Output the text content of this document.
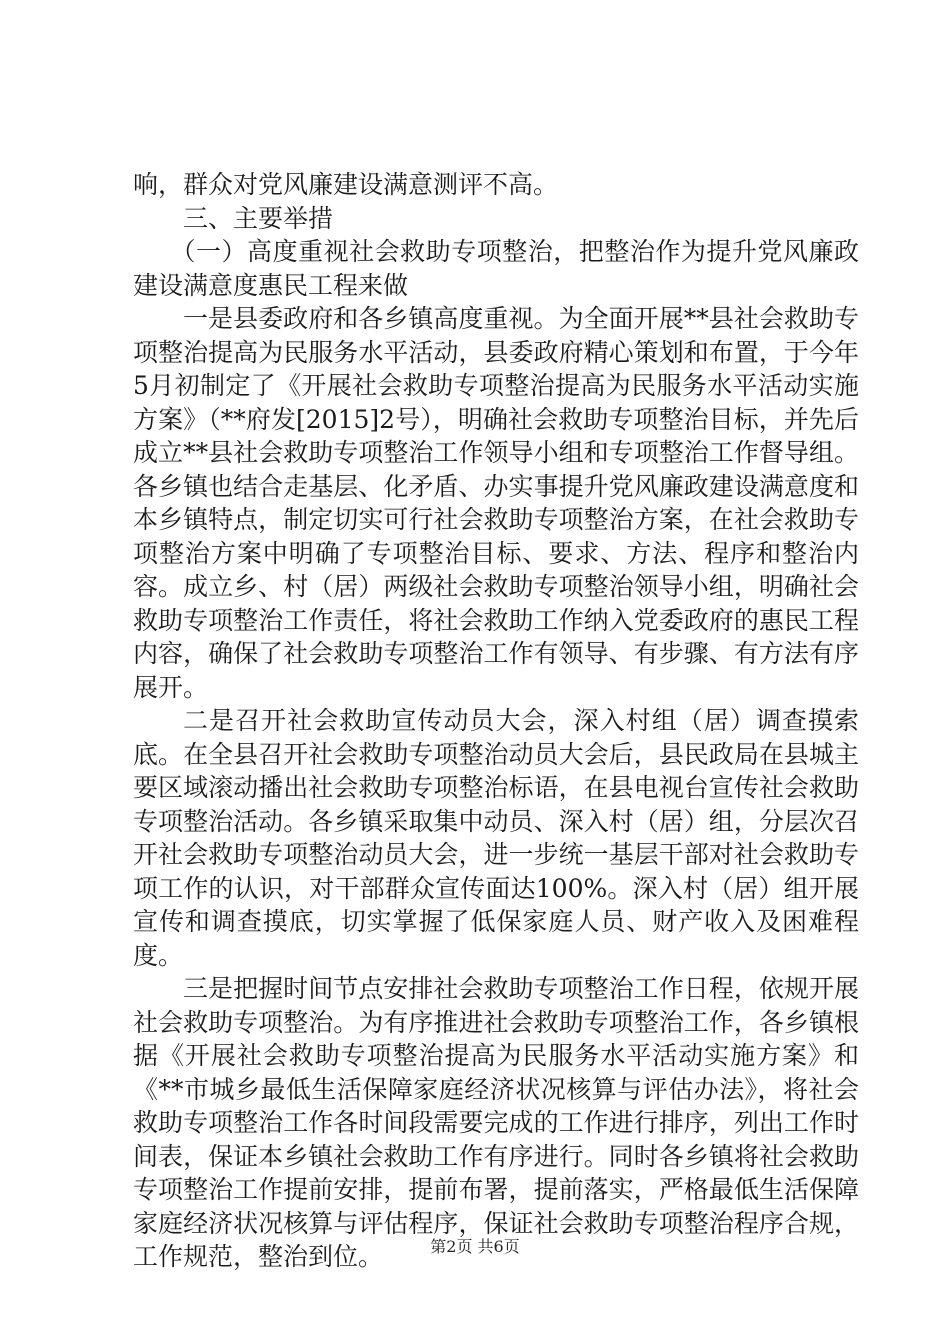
响，群众对党风廉建设满意测评不高。

三、主要举措

（一）高度重视社会救助专项整治，把整治作为提升党风廉政建设满意度惠民工程来做

一是县委政府和各乡镇高度重视。为全面开展**县社会救助专项整治提高为民服务水平活动，县委政府精心策划和布置，于今年5月初制定了《开展社会救助专项整治提高为民服务水平活动实施方案》（**府发[2015]2号），明确社会救助专项整治目标，并先后成立**县社会救助专项整治工作领导小组和专项整治工作督导组。各乡镇也结合走基层、化矛盾、办实事提升党风廉政建设满意度和本乡镇特点，制定切实可行社会救助专项整治方案，在社会救助专项整治方案中明确了专项整治目标、要求、方法、程序和整治内容。成立乡、村（居）两级社会救助专项整治领导小组，明确社会救助专项整治工作责任，将社会救助工作纳入党委政府的惠民工程内容，确保了社会救助专项整治工作有领导、有步骤、有方法有序展开。

二是召开社会救助宣传动员大会，深入村组（居）调查摸索底。在全县召开社会救助专项整治动员大会后，县民政局在县城主要区域滚动播出社会救助专项整治标语，在县电视台宣传社会救助专项整治活动。各乡镇采取集中动员、深入村（居）组，分层次召开社会救助专项整治动员大会，进一步统一基层干部对社会救助专项工作的认识，对干部群众宣传面达100%。深入村（居）组开展宣传和调查摸底，切实掌握了低保家庭人员、财产收入及困难程度。

三是把握时间节点安排社会救助专项整治工作日程，依规开展社会救助专项整治。为有序推进社会救助专项整治工作，各乡镇根据《开展社会救助专项整治提高为民服务水平活动实施方案》和《**市城乡最低生活保障家庭经济状况核算与评估办法》，将社会救助专项整治工作各时间段需要完成的工作进行排序，列出工作时间表，保证本乡镇社会救助工作有序进行。同时各乡镇将社会救助专项整治工作提前安排，提前布署，提前落实，严格最低生活保障家庭经济状况核算与评估程序，保证社会救助专项整治程序合规，工作规范，整治到位。	第2页 共6页
